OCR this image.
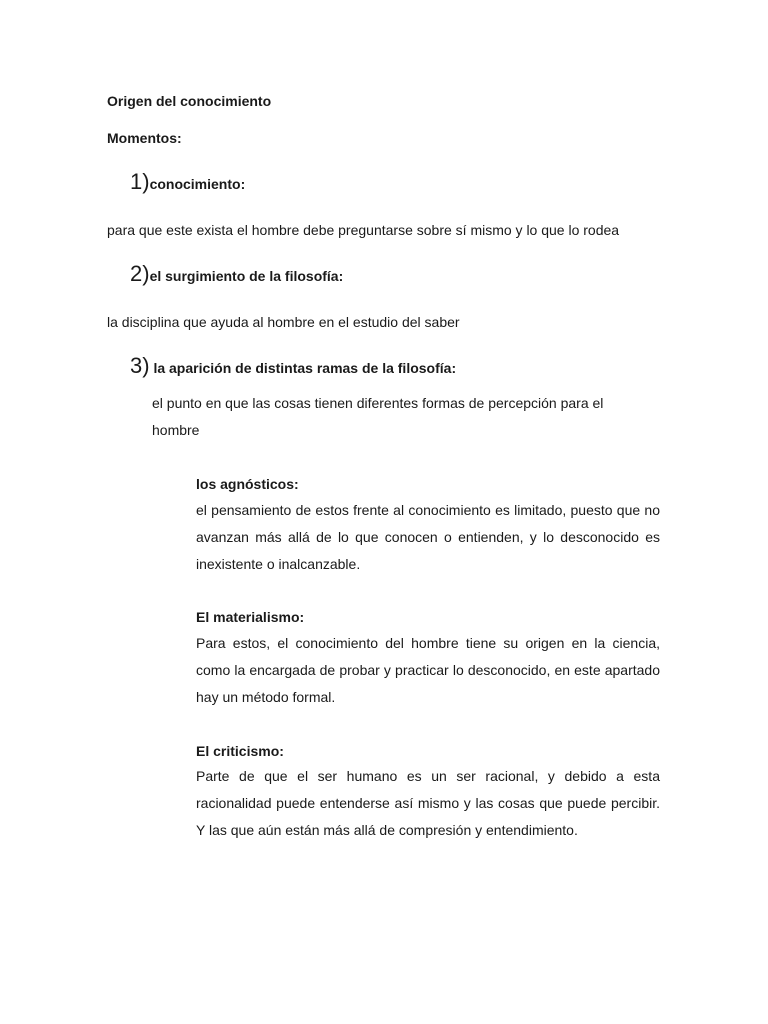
Origen del conocimiento
Momentos:
1) conocimiento:
para que este exista el hombre debe preguntarse sobre sí mismo y lo que lo rodea
2) el surgimiento de la filosofía:
la disciplina que ayuda al hombre en el estudio del saber
3) la aparición de distintas ramas de la filosofía:
el punto en que las cosas tienen diferentes formas de percepción para el hombre
los agnósticos:
el pensamiento de estos frente al conocimiento es limitado, puesto que no avanzan más allá de lo que conocen o entienden, y lo desconocido es inexistente o inalcanzable.
El materialismo:
Para estos, el conocimiento del hombre tiene su origen en la ciencia, como la encargada de probar y practicar lo desconocido, en este apartado hay un método formal.
El criticismo:
Parte de que el ser humano es un ser racional, y debido a esta racionalidad puede entenderse así mismo y las cosas que puede percibir. Y las que aún están más allá de compresión y entendimiento.
